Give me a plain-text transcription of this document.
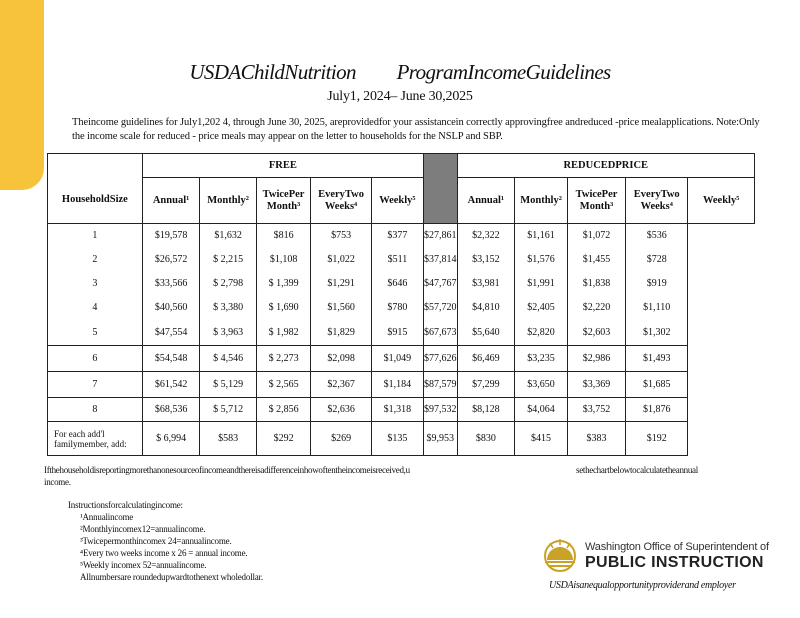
USDAChildNutrition ProgramIncomeGuidelines
July1, 2024– June 30,2025
Theincome guidelines for July1,202 4, through June 30, 2025, areprovidedfor your assistancein correctly approvingfree andreduced -price mealapplications. Note:Only the income scale for reduced - price meals may appear on the letter to households for the NSLP and SBP.
	FREE						REDUCEDPRICE				
HouseholdSize	Annual¹	Monthly²	TwicePer Month³	EveryTwo Weeks⁴	Weekly⁵		Annual¹	Monthly²	TwicePer Month³	EveryTwo Weeks⁴	Weekly⁵
1	$19,578	$1,632	$816	$753	$377	$27,861	$2,322	$1,161	$1,072	$536	
2	$26,572	$ 2,215	$1,108	$1,022	$511	$37,814	$3,152	$1,576	$1,455	$728	
3	$33,566	$ 2,798	$ 1,399	$1,291	$646	$47,767	$3,981	$1,991	$1,838	$919	
4	$40,560	$ 3,380	$ 1,690	$1,560	$780	$57,720	$4,810	$2,405	$2,220	$1,110	
5	$47,554	$ 3,963	$ 1,982	$1,829	$915	$67,673	$5,640	$2,820	$2,603	$1,302	
6	$54,548	$ 4,546	$ 2,273	$2,098	$1,049	$77,626	$6,469	$3,235	$2,986	$1,493	
7	$61,542	$ 5,129	$ 2,565	$2,367	$1,184	$87,579	$7,299	$3,650	$3,369	$1,685	
8	$68,536	$ 5,712	$ 2,856	$2,636	$1,318	$97,532	$8,128	$4,064	$3,752	$1,876	
For each add'l familymember, add:	$ 6,994	$583	$292	$269	$135	$9,953	$830	$415	$383	$192	
Ifthehouseholdisreportingmorethanonesourceofincomeandthereisadifferenceinhowoftentheincomeisreceived,u	sethechartbelowtocalculatetheannual
income.
Instructionsforcalculatingincome:
¹Annualincome
²Monthlyincomex12=annualincome.
³Twicepermonthincomex 24=annualincome.
⁴Every two weeks income x 26 = annual income.
⁵Weekly incomex 52=annualincome.
Allnumbersare roundedupwardtothenext wholedollar.
Washington Office of Superintendent of
PUBLIC INSTRUCTION
USDAisanequalopportunityproviderand employer
